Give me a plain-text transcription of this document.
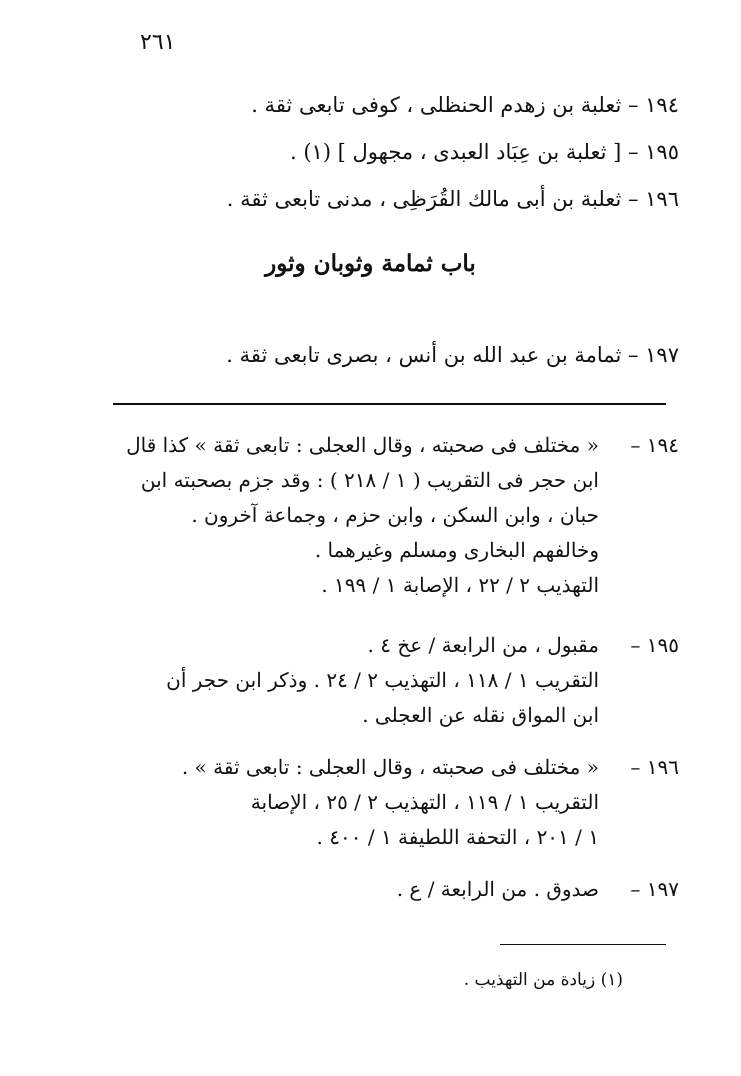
٢٦١
١٩٤ – ثعلبة بن زهدم الحنظلى ، كوفى تابعى ثقة .
١٩٥ – [ ثعلبة بن عِبَاد العبدى ، مجهول ] (١) .
١٩٦ – ثعلبة بن أبى مالك القُرَظِى ، مدنى تابعى ثقة .
باب ثمامة وثوبان وثور
١٩٧ – ثمامة بن عبد الله بن أنس ، بصرى تابعى ثقة .
١٩٤ –
« مختلف فى صحبته ، وقال العجلى : تابعى ثقة » كذا قال
ابن حجر فى التقريب ( ١ / ٢١٨ ) : وقد جزم بصحبته ابن
حبان ، وابن السكن ، وابن حزم ، وجماعة آخرون .
وخالفهم البخارى ومسلم وغيرهما .
التهذيب ٢ / ٢٢ ، الإصابة ١ / ١٩٩ .
١٩٥ –
مقبول ، من الرابعة / عخ ٤ .
التقريب ١ / ١١٨ ، التهذيب ٢ / ٢٤ . وذكر ابن حجر أن
ابن المواق نقله عن العجلى .
١٩٦ –
« مختلف فى صحبته ، وقال العجلى : تابعى ثقة » .
التقريب ١ / ١١٩ ، التهذيب ٢ / ٢٥ ، الإصابة
١ / ٢٠١ ، التحفة اللطيفة ١ / ٤٠٠ .
١٩٧ –
صدوق . من الرابعة / ع .
(١) زيادة من التهذيب .
